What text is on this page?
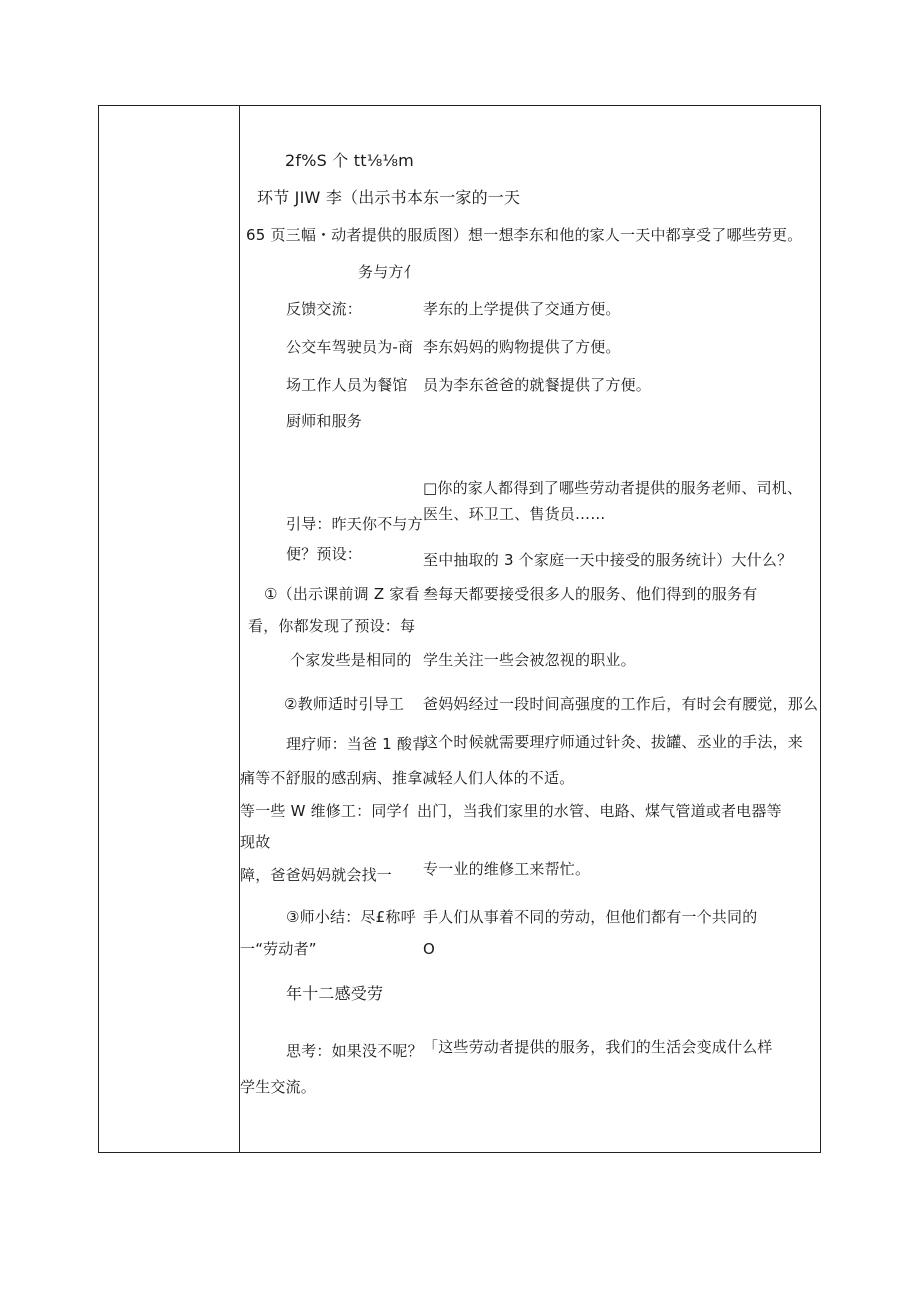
2f%S 个 tt⅛⅛m
环节 JIW 李（出示书本 东一家的一天
65 页三幅・动者提供的服质图）想一想李东和他的家人一天中都享受了哪些劳更。
务与方亻
反馈交流：	孝东的上学提供了交通方便。
公交车驾驶员为-商 李东妈妈的购物提供了方便。
场工作人员为餐馆 员为李东爸爸的就餐提供了方便。
厨师和服务
□你的家人都得到了哪些劳动者提供的服务老师、司机、
医生、环卫工、售货员……
引导：昨天你不与方
便？预设：	至中抽取的 3 个家庭一天中接受的服务统计）大什么？
①（出示课前调 Z 家看 叁每天都要接受很多人的服务、他们得到的服务有
看，你都发现了预设：每
个家发些是相同的 学生关注一些会被忽视的职业。
②教师适时引导工 爸妈妈经过一段时间高强度的工作后，有时会有腰觉，那么
理疗师：当爸 1 酸背
这个时候就需要理疗师通过针灸、拔罐、丞业的手法，来
痛等不舒服的感刮病、推拿减轻人们人体的不适。
等一些 W 维修工：同学亻出门，当我们家里的水管、电路、煤气管道或者电器等
现故
障，爸爸妈妈就会找一 专一业的维修工来帮忙。
③师小结：尽£称呼 手人们从事着不同的劳动，但他们都有一个共同的
一“劳动者”	O
年十二感受劳
思考：如果没不呢？ 「这些劳动者提供的服务，我们的生活会变成什么样
学生交流。
